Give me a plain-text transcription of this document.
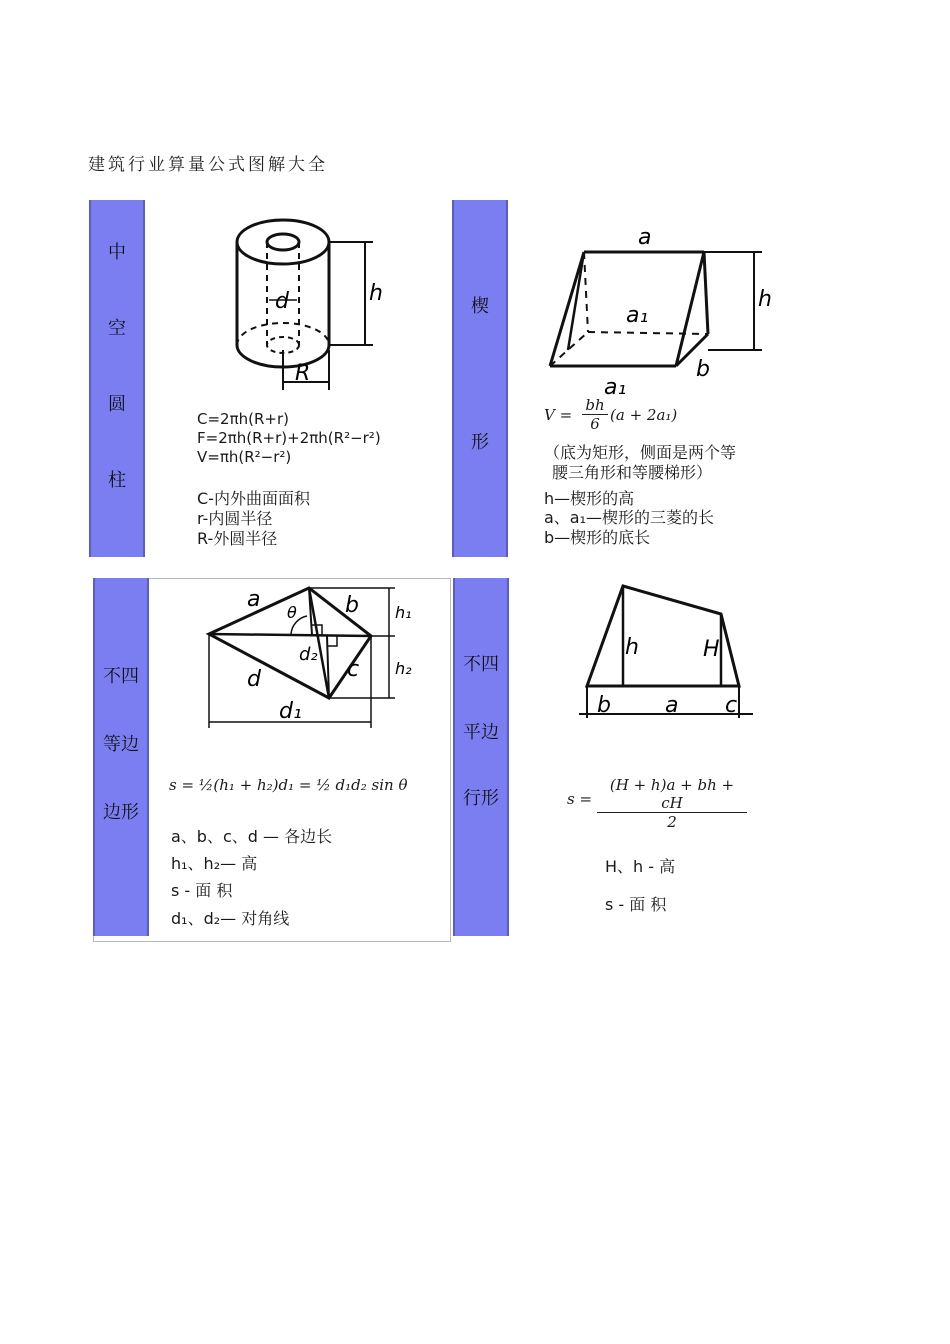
建筑行业算量公式图解大全
中
空
圆
柱
d	h
R
C=2πh(R+r)
F=2πh(R+r)+2πh(R²−r²)
V=πh(R²−r²)
C-内外曲面面积
r-内圆半径
R-外圆半径
楔
形
a
a₁
h
b
a₁
$V = \frac{bh}{6} (a + 2a_1)$
（底为矩形，侧面是两个等
腰三角形和等腰梯形）
h—楔形的高
a、a₁—楔形的三菱的长
b—楔形的底长
不四
等边
边形
a	b
θ
d₂
c
d
h₁
h₂
d₁
s = ½(h₁ + h₂)d₁ = ½ d₁d₂ sin θ
a、b、c、d — 各边长
h₁、h₂— 高
s - 面 积
d₁、d₂— 对角线
不四
平边
行形
h	H
b a c
$s = \frac{(H + h)a + bh + cH}{2}$
H、h - 高
s - 面 积
